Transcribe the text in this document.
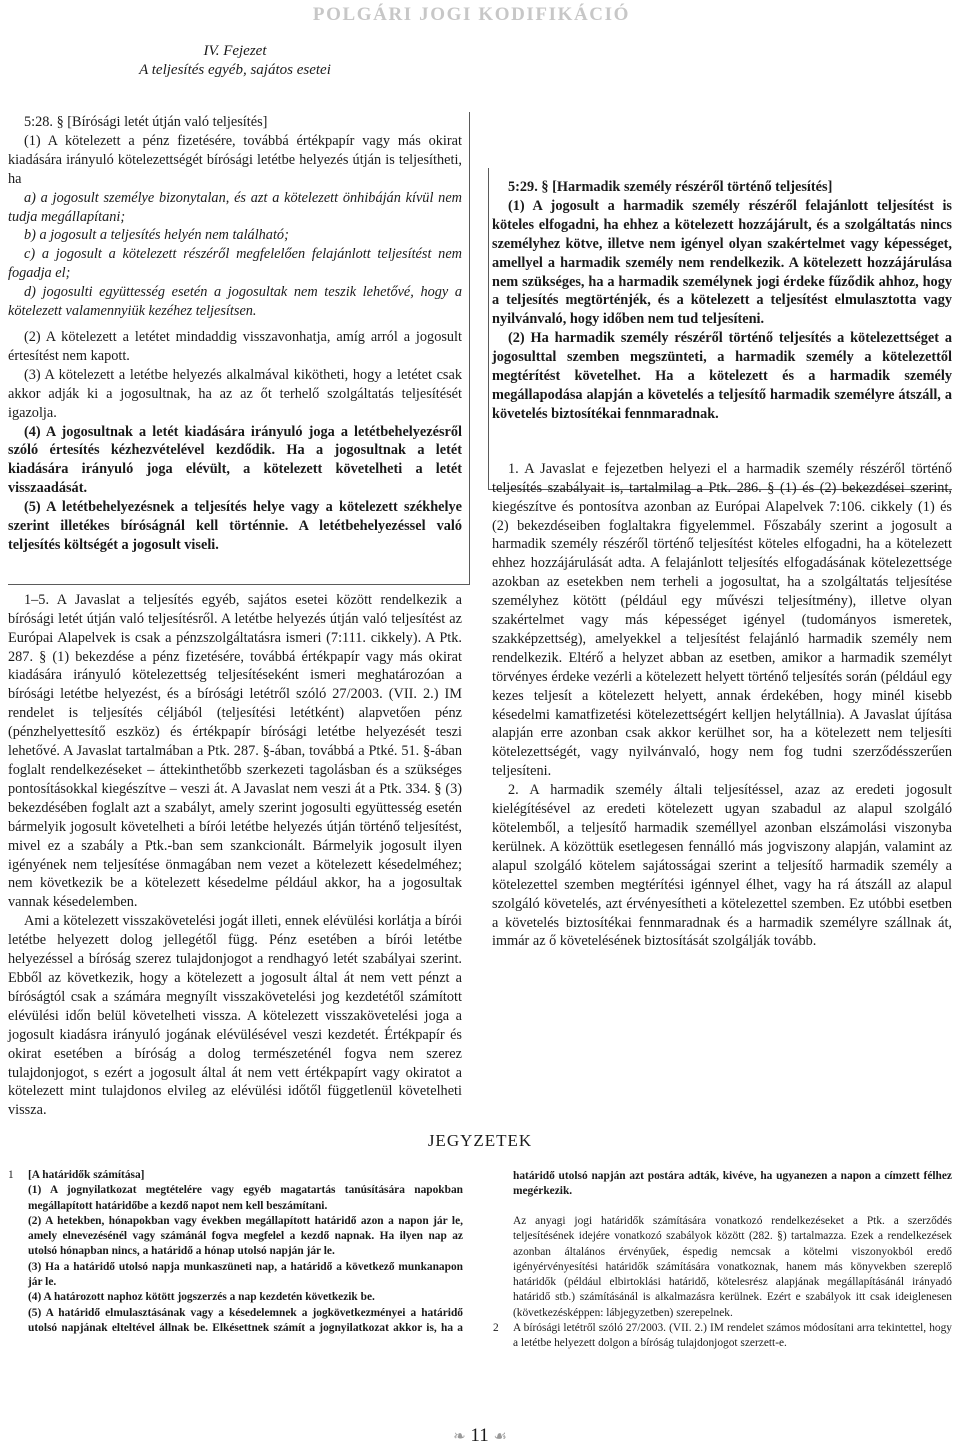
POLGÁRI JOGI KODIFIKÁCIÓ
IV. Fejezet
A teljesítés egyéb, sajátos esetei

5:28. § [Bírósági letét útján való teljesítés]

(1) A kötelezett a pénz fizetésére, továbbá értékpapír vagy más okirat kiadására irányuló kötelezettségét bírósági letétbe helyezés útján is teljesítheti, ha

a) a jogosult személye bizonytalan, és azt a kötelezett önhibáján kívül nem tudja megállapítani;

b) a jogosult a teljesítés helyén nem található;

c) a jogosult a kötelezett részéről megfelelően felajánlott teljesítést nem fogadja el;

d) jogosulti együttesség esetén a jogosultak nem teszik lehetővé, hogy a kötelezett valamennyiük kezéhez teljesítsen.

(2) A kötelezett a letétet mindaddig visszavonhatja, amíg arról a jogosult értesítést nem kapott.

(3) A kötelezett a letétbe helyezés alkalmával kikötheti, hogy a letétet csak akkor adják ki a jogosultnak, ha az az őt terhelő szolgáltatás teljesítését igazolja.

(4) A jogosultnak a letét kiadására irányuló joga a letétbehelyezésről szóló értesítés kézhezvételével kezdődik. Ha a jogosultnak a letét kiadására irányuló joga elévült, a kötelezett követelheti a letét visszaadását.

(5) A letétbehelyezésnek a teljesítés helye vagy a kötelezett székhelye szerint illetékes bíróságnál kell történnie. A letétbehelyezéssel való teljesítés költségét a jogosult viseli.

1–5. A Javaslat a teljesítés egyéb, sajátos esetei között rendelkezik a bírósági letét útján való teljesítésről. A letétbe helyezés útján való teljesítést az Európai Alapelvek is csak a pénzszolgáltatásra ismeri (7:111. cikkely). A Ptk. 287. § (1) bekezdése a pénz fizetésére, továbbá értékpapír vagy más okirat kiadására irányuló kötelezettség teljesítéseként ismeri meghatározóan a bírósági letétbe helyezést, és a bírósági letétről szóló 27/2003. (VII. 2.) IM rendelet is teljesítés céljából (teljesítési letétként) alapvetően pénz (pénzhelyettesítő eszköz) és értékpapír bírósági letétbe helyezését teszi lehetővé. A Javaslat tartalmában a Ptk. 287. §-ában, továbbá a Ptké. 51. §-ában foglalt rendelkezéseket – áttekinthetőbb szerkezeti tagolásban és a szükséges pontosításokkal kiegészítve – veszi át. A Javaslat nem veszi át a Ptk. 334. § (3) bekezdésében foglalt azt a szabályt, amely szerint jogosulti együttesség esetén bármelyik jogosult követelheti a bírói letétbe helyezés útján történő teljesítést, mivel ez a szabály a Ptk.-ban sem szankcionált. Bármelyik jogosult ilyen igényének nem teljesítése önmagában nem vezet a kötelezett késedelméhez; nem következik be a kötelezett késedelme például akkor, ha a jogosultak vannak késedelemben.

Ami a kötelezett visszakövetelési jogát illeti, ennek elévülési korlátja a bírói letétbe helyezett dolog jellegétől függ. Pénz esetében a bírói letétbe helyezéssel a bíróság szerez tulajdonjogot a rendhagyó letét szabályai szerint. Ebből az következik, hogy a kötelezett a jogosult által át nem vett pénzt a bíróságtól csak a számára megnyílt visszakövetelési jog kezdetétől számított elévülési időn belül követelheti vissza. A kötelezett visszakövetelési joga a jogosult kiadásra irányuló jogának elévülésével veszi kezdetét. Értékpapír és okirat esetében a bíróság a dolog természeténél fogva nem szerez tulajdonjogot, s ezért a jogosult által át nem vett értékpapírt vagy okiratot a kötelezett mint tulajdonos elvileg az elévülési időtől függetlenül követelheti vissza.

5:29. § [Harmadik személy részéről történő teljesítés]

(1) A jogosult a harmadik személy részéről felajánlott teljesítést is köteles elfogadni, ha ehhez a kötelezett hozzájárult, és a szolgáltatás nincs személyhez kötve, illetve nem igényel olyan szakértelmet vagy képességet, amellyel a harmadik személy nem rendelkezik. A kötelezett hozzájárulása nem szükséges, ha a harmadik személynek jogi érdeke fűződik ahhoz, hogy a teljesítés megtörténjék, és a kötelezett a teljesítést elmulasztotta vagy nyilvánvaló, hogy időben nem tud teljesíteni.

(2) Ha harmadik személy részéről történő teljesítés a kötelezettséget a jogosulttal szemben megszünteti, a harmadik személy a kötelezettől megtérítést követelhet. Ha a kötelezett és a harmadik személy megállapodása alapján a követelés a teljesítő harmadik személyre átszáll, a követelés biztosítékai fennmaradnak.

1. A Javaslat e fejezetben helyezi el a harmadik személy részéről történő teljesítés szabályait is, tartalmilag a Ptk. 286. § (1) és (2) bekezdései szerint, kiegészítve és pontosítva azonban az Európai Alapelvek 7:106. cikkely (1) és (2) bekezdéseiben foglaltakra figyelemmel. Főszabály szerint a jogosult a harmadik személy részéről történő teljesítést köteles elfogadni, ha a kötelezett ehhez hozzájárulását adta. A felajánlott teljesítés elfogadásának kötelezettsége azokban az esetekben nem terheli a jogosultat, ha a szolgáltatás teljesítése személyhez kötött (például egy művészi teljesítmény), illetve olyan szakértelmet vagy más képességet igényel (tudományos ismeretek, szakképzettség), amelyekkel a teljesítést felajánló harmadik személy nem rendelkezik. Eltérő a helyzet abban az esetben, amikor a harmadik személyt törvényes érdeke vezérli a kötelezett helyett történő teljesítés során (például egy kezes teljesít a kötelezett helyett, annak érdekében, hogy minél kisebb késedelmi kamatfizetési kötelezettségért kelljen helytállnia). A Javaslat újítása alapján erre azonban csak akkor kerülhet sor, ha a kötelezett nem teljesíti kötelezettségét, vagy nyilvánvaló, hogy nem fog tudni szerződésszerűen teljesíteni.

2. A harmadik személy általi teljesítéssel, azaz az eredeti jogosult kielégítésével az eredeti kötelezett ugyan szabadul az alapul szolgáló kötelemből, a teljesítő harmadik személlyel azonban elszámolási viszonyba kerülnek. A közöttük esetlegesen fennálló más jogviszony alapján, valamint az alapul szolgáló kötelem sajátosságai szerint a teljesítő harmadik személy a kötelezettel szemben megtérítési igénnyel élhet, vagy ha rá átszáll az alapul szolgáló követelés, azt érvényesítheti a kötelezettel szemben. Ez utóbbi esetben a követelés biztosítékai fennmaradnak és a harmadik személyre szállnak át, immár az ő követelésének biztosítását szolgálják tovább.

JEGYZETEK
1	[A határidők számítása]

(1) A jognyilatkozat megtételére vagy egyéb magatartás tanúsítására napokban megállapított határidőbe a kezdő napot nem kell beszámítani.

(2) A hetekben, hónapokban vagy években megállapított határidő azon a napon jár le, amely elnevezésénél vagy számánál fogva megfelel a kezdő napnak. Ha ilyen nap az utolsó hónapban nincs, a határidő a hónap utolsó napján jár le.

(3) Ha a határidő utolsó napja munkaszüneti nap, a határidő a következő munkanapon jár le.

(4) A határozott naphoz kötött jogszerzés a nap kezdetén következik be.

(5) A határidő elmulasztásának vagy a késedelemnek a jogkövetkezményei a határidő utolsó napjának elteltével állnak be. Elkésettnek számít a jognyilatkozat akkor is, ha a

határidő utolsó napján azt postára adták, kivéve, ha ugyanezen a napon a címzett félhez megérkezik.

Az anyagi jogi határidők számítására vonatkozó rendelkezéseket a Ptk. a szerződés teljesítésének idejére vonatkozó szabályok között (282. §) tartalmazza. Ezek a rendelkezések azonban általános érvényűek, éspedig nemcsak a kötelmi viszonyokból eredő igényérvényesítési határidők számítására vonatkoznak, hanem más könyvekben szereplő határidők (például elbirtoklási határidő, kötelesrész alapjának megállapításánál irányadó határidő stb.) számításánál is alkalmazásra kerülnek. Ezért e szabályok itt csak ideiglenesen (következésképpen: lábjegyzetben) szerepelnek.

2	A bírósági letétről szóló 27/2003. (VII. 2.) IM rendelet számos módosítani arra tekintettel, hogy a letétbe helyezett dolgon a bíróság tulajdonjogot szerzett-e.

❧ 11 ☙
